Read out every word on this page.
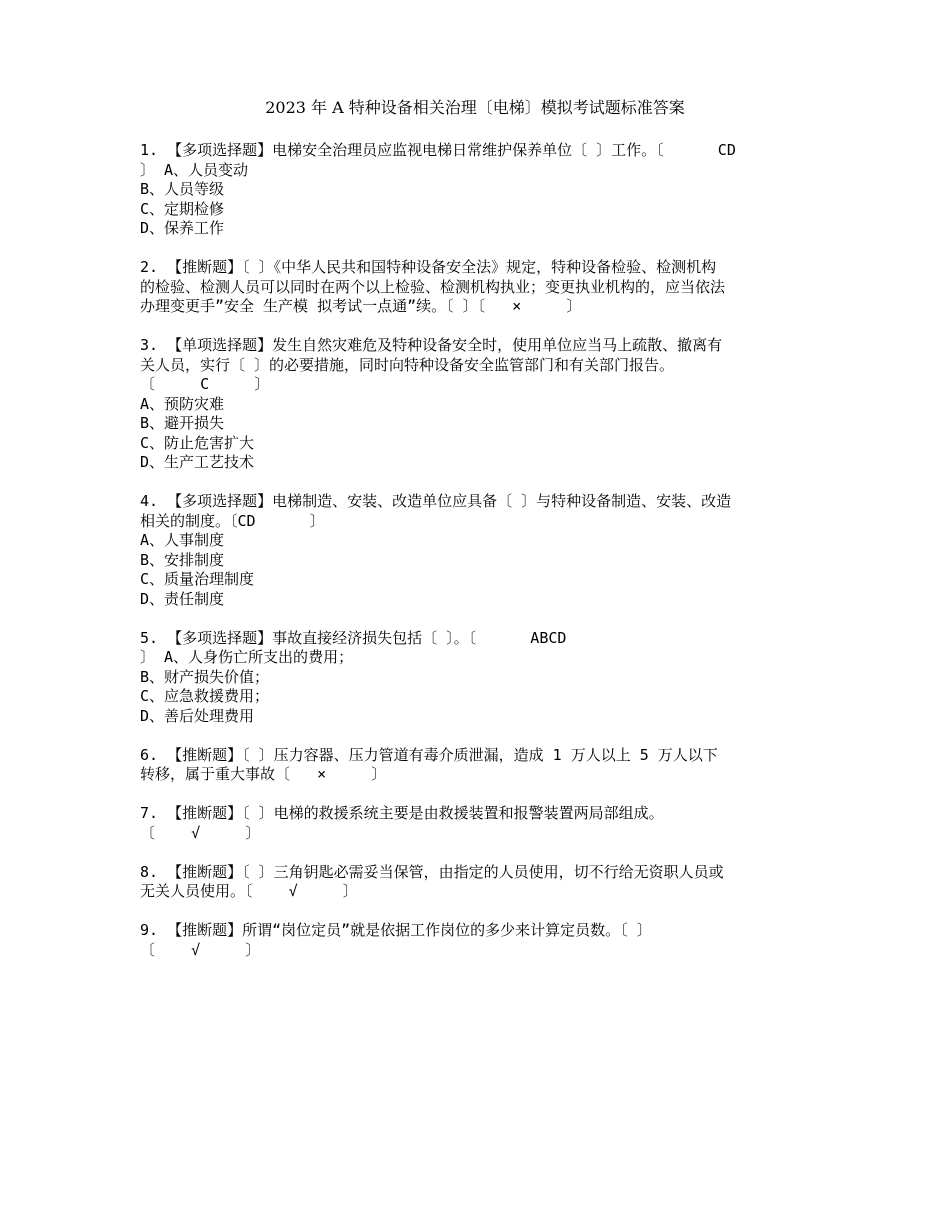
2023 年 A 特种设备相关治理〔电梯〕模拟考试题标准答案
1. 【多项选择题】电梯安全治理员应监视电梯日常维护保养单位〔 〕工作。〔      CD
〕 A、人员变动
B、人员等级
C、定期检修
D、保养工作
2. 【推断题】〔 〕《中华人民共和国特种设备安全法》规定，特种设备检验、检测机构
的检验、检测人员可以同时在两个以上检验、检测机构执业；变更执业机构的，应当依法
办理变更手”安全 生产模 拟考试一点通”续。〔 〕〔   ×     〕
3. 【单项选择题】发生自然灾难危及特种设备安全时，使用单位应当马上疏散、撤离有
关人员，实行〔 〕的必要措施，同时向特种设备安全监管部门和有关部门报告。
〔     C     〕
A、预防灾难
B、避开损失
C、防止危害扩大
D、生产工艺技术
4. 【多项选择题】电梯制造、安装、改造单位应具备〔 〕与特种设备制造、安装、改造
相关的制度。〔CD      〕
A、人事制度
B、安排制度
C、质量治理制度
D、责任制度
5. 【多项选择题】事故直接经济损失包括〔 〕。〔      ABCD
〕 A、人身伤亡所支出的费用；
B、财产损失价值；
C、应急救援费用；
D、善后处理费用
6. 【推断题】〔 〕压力容器、压力管道有毒介质泄漏，造成 1 万人以上 5 万人以下
转移，属于重大事故〔   ×     〕
7. 【推断题】〔 〕电梯的救援系统主要是由救援装置和报警装置两局部组成。
〔    √     〕
8. 【推断题】〔 〕三角钥匙必需妥当保管，由指定的人员使用，切不行给无资职人员或
无关人员使用。〔    √     〕
9. 【推断题】所谓“岗位定员”就是依据工作岗位的多少来计算定员数。〔 〕
〔    √     〕
